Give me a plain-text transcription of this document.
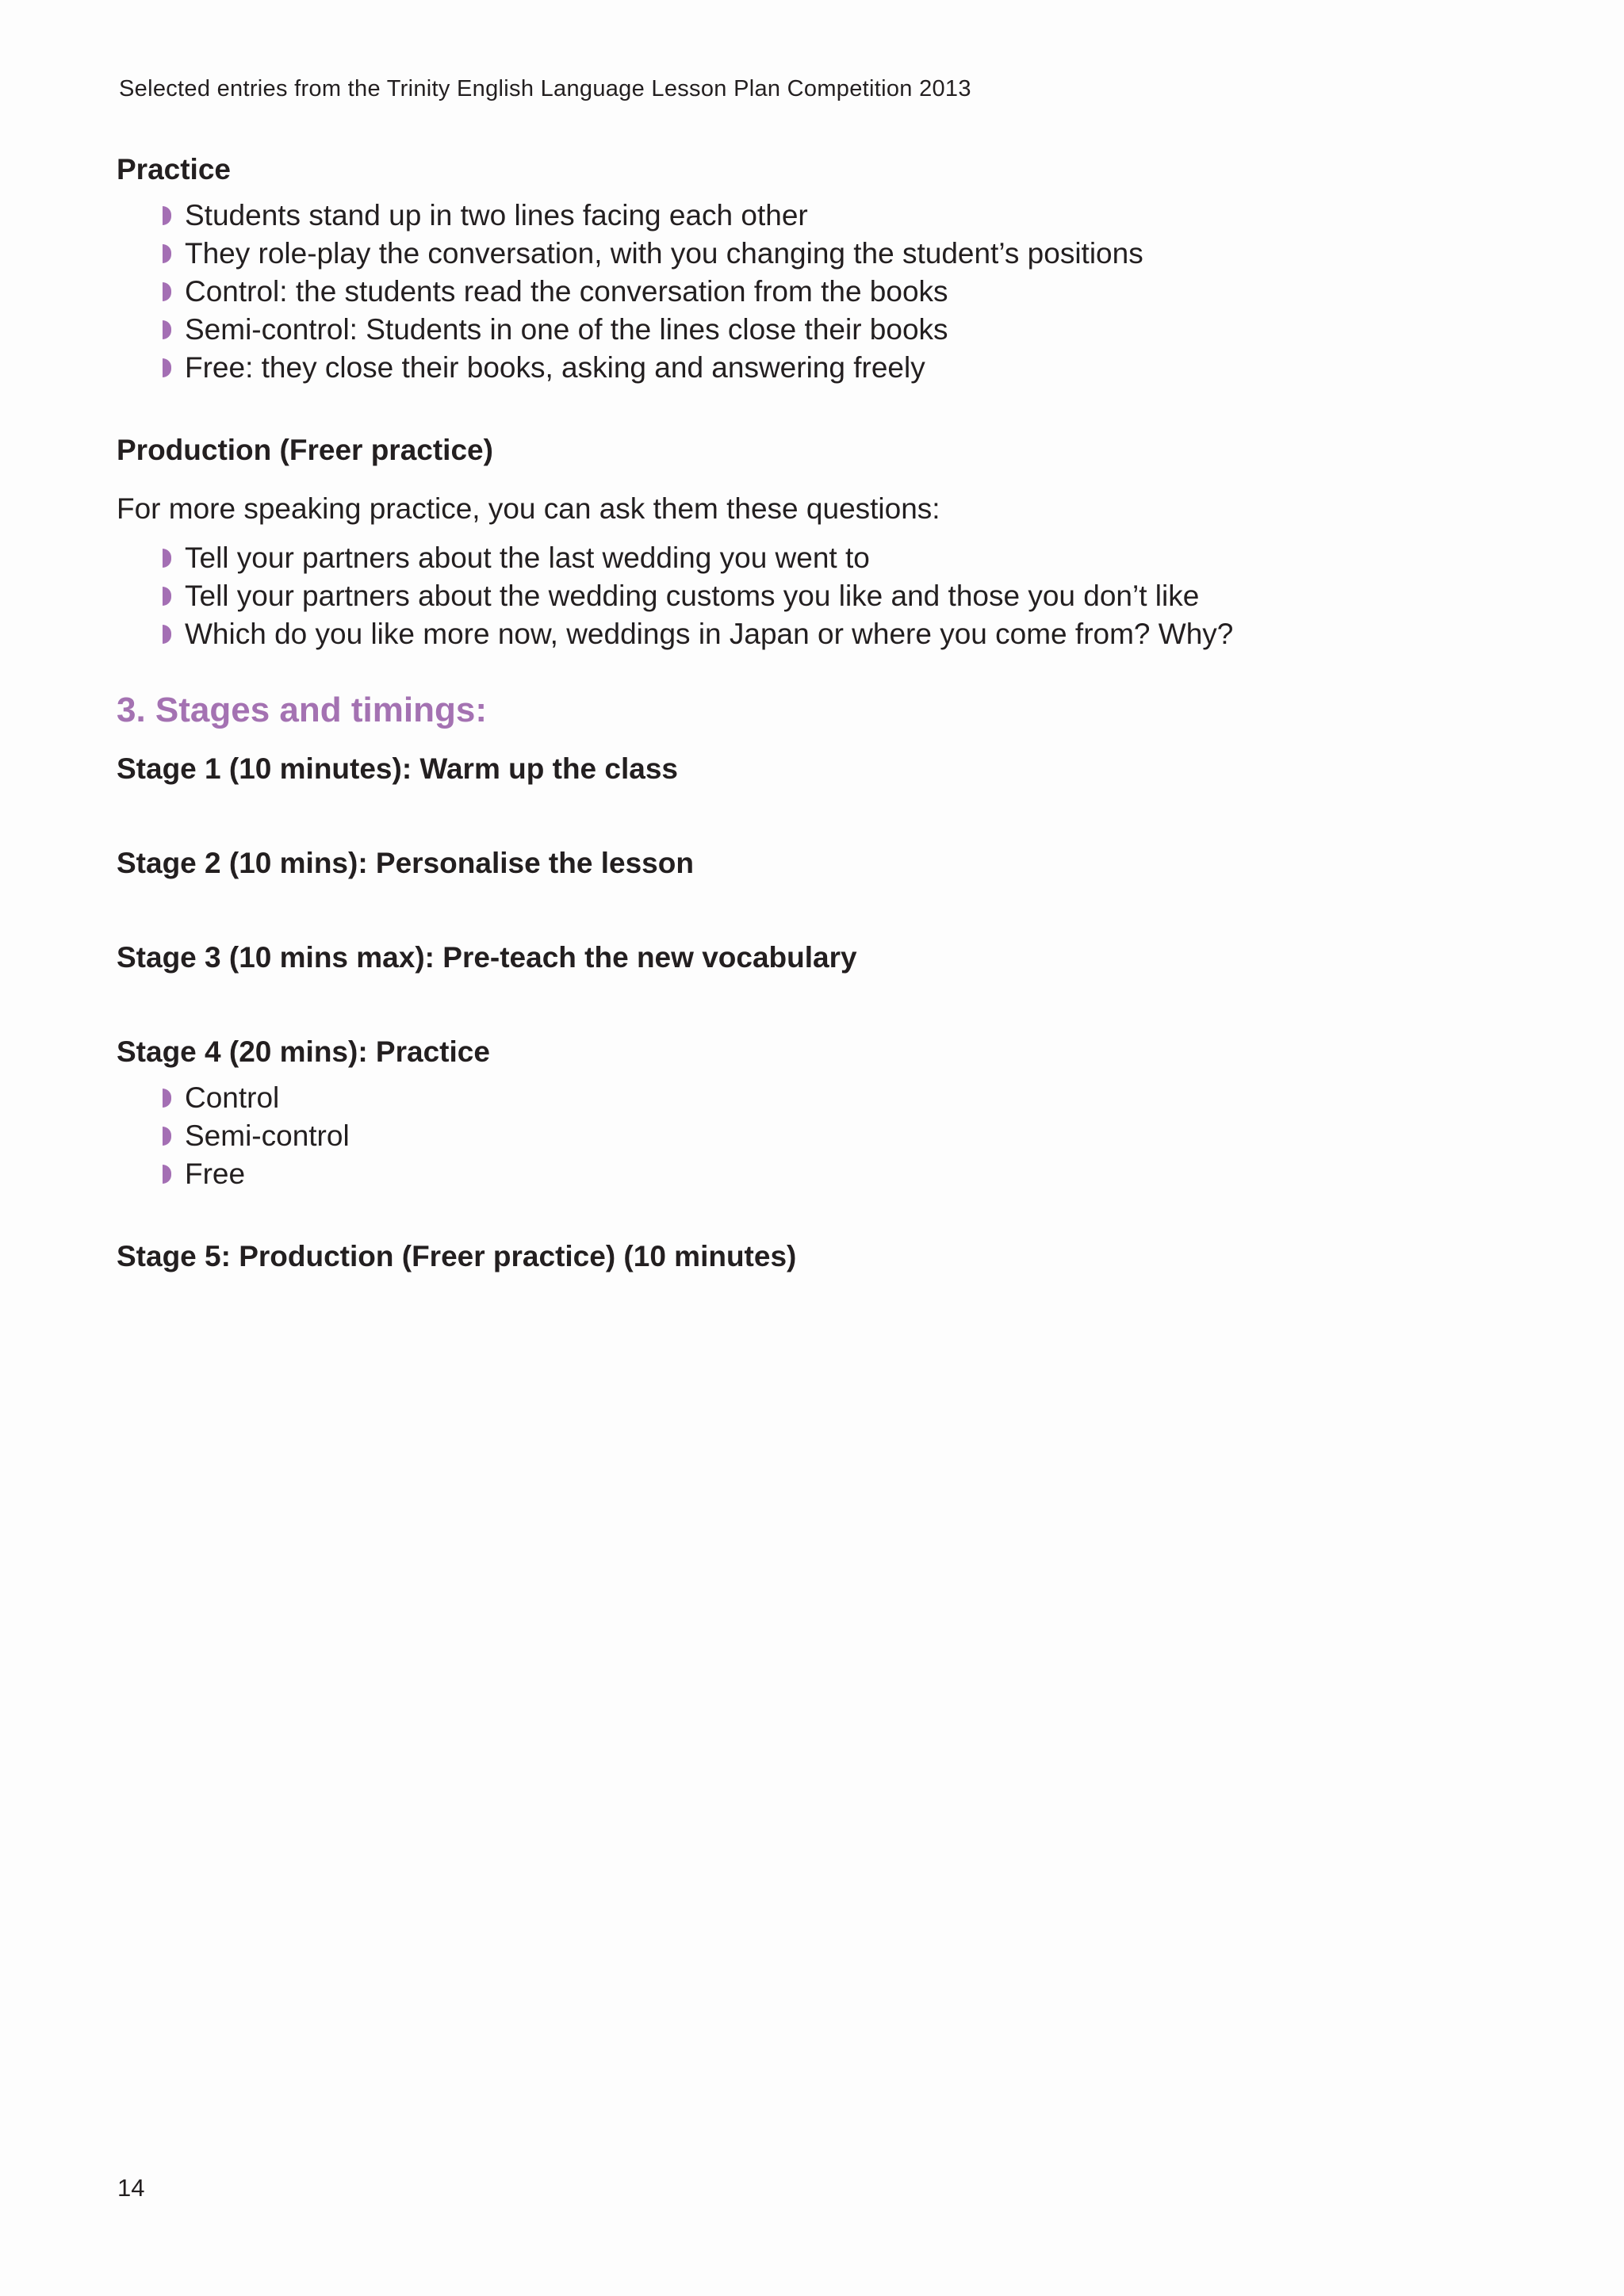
Selected entries from the Trinity English Language Lesson Plan Competition 2013
Practice
Students stand up in two lines facing each other
They role-play the conversation, with you changing the student’s positions
Control: the students read the conversation from the books
Semi-control: Students in one of the lines close their books
Free: they close their books, asking and answering freely
Production (Freer practice)

For more speaking practice, you can ask them these questions:

Tell your partners about the last wedding you went to
Tell your partners about the wedding customs you like and those you don’t like
Which do you like more now, weddings in Japan or where you come from? Why?
3. Stages and timings:
Stage 1 (10 minutes): Warm up the class
Stage 2 (10 mins): Personalise the lesson
Stage 3 (10 mins max): Pre-teach the new vocabulary
Stage 4 (20 mins): Practice
Control
Semi-control
Free
Stage 5: Production (Freer practice) (10 minutes)
14
